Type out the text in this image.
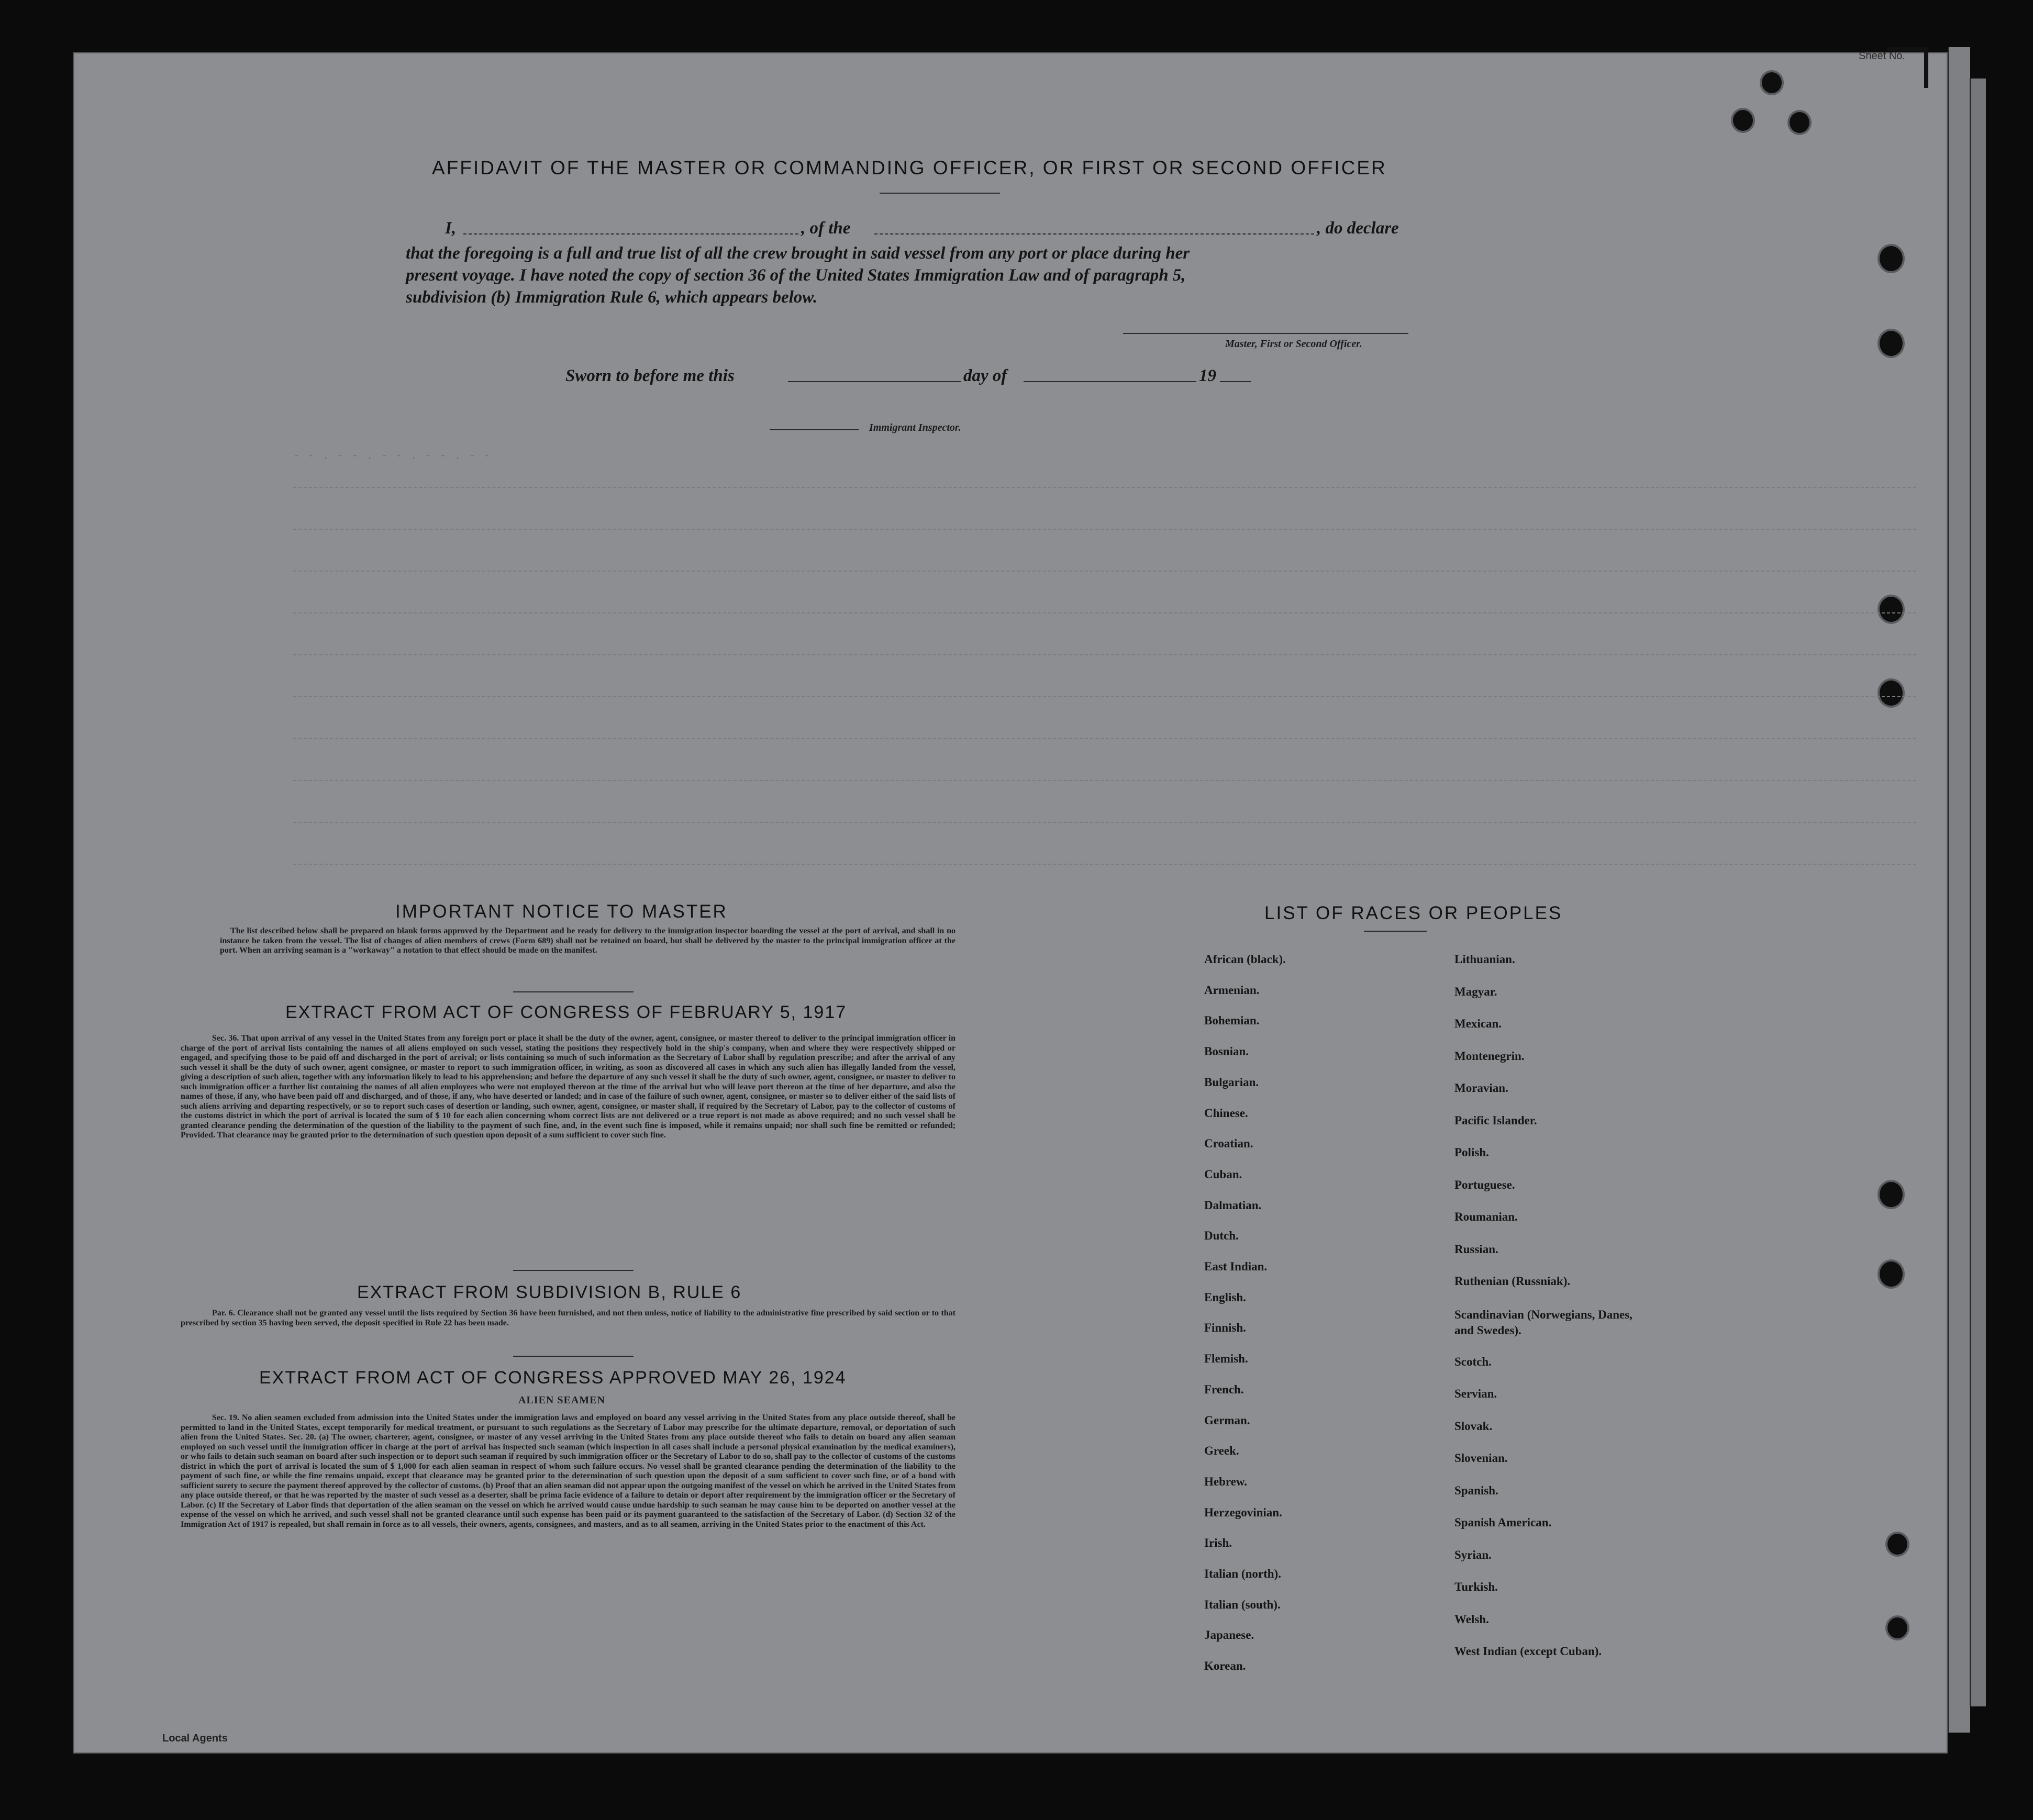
Sheet No.
Local Agents
- - . - - . - - . - - . - -
AFFIDAVIT OF THE MASTER OR COMMANDING OFFICER, OR FIRST OR SECOND OFFICER
I,	, of the	, do declare
that the foregoing is a full and true list of all the crew brought in said vessel from any port or place during her
present voyage. I have noted the copy of section 36 of the United States Immigration Law and of paragraph 5,
subdivision (b) Immigration Rule 6, which appears below.
Master, First or Second Officer.
Sworn to before me this	day of	19
Immigrant Inspector.
IMPORTANT NOTICE TO MASTER
The list described below shall be prepared on blank forms approved by the Department and be ready for delivery to the immigration inspector boarding the vessel at the port of arrival, and shall in no instance be taken from the vessel. The list of changes of alien members of crews (Form 689) shall not be retained on board, but shall be delivered by the master to the principal immigration officer at the port. When an arriving seaman is a "workaway" a notation to that effect should be made on the manifest.
EXTRACT FROM ACT OF CONGRESS OF FEBRUARY 5, 1917
Sec. 36. That upon arrival of any vessel in the United States from any foreign port or place it shall be the duty of the owner, agent, consignee, or master thereof to deliver to the principal immigration officer in charge of the port of arrival lists containing the names of all aliens employed on such vessel, stating the positions they respectively hold in the ship's company, when and where they were respectively shipped or engaged, and specifying those to be paid off and discharged in the port of arrival; or lists containing so much of such information as the Secretary of Labor shall by regulation prescribe; and after the arrival of any such vessel it shall be the duty of such owner, agent consignee, or master to report to such immigration officer, in writing, as soon as discovered all cases in which any such alien has illegally landed from the vessel, giving a description of such alien, together with any information likely to lead to his apprehension; and before the departure of any such vessel it shall be the duty of such owner, agent, consignee, or master to deliver to such immigration officer a further list containing the names of all alien employees who were not employed thereon at the time of the arrival but who will leave port thereon at the time of her departure, and also the names of those, if any, who have been paid off and discharged, and of those, if any, who have deserted or landed; and in case of the failure of such owner, agent, consignee, or master so to deliver either of the said lists of such aliens arriving and departing respectively, or so to report such cases of desertion or landing, such owner, agent, consignee, or master shall, if required by the Secretary of Labor, pay to the collector of customs of the customs district in which the port of arrival is located the sum of $ 10 for each alien concerning whom correct lists are not delivered or a true report is not made as above required; and no such vessel shall be granted clearance pending the determination of the question of the liability to the payment of such fine, and, in the event such fine is imposed, while it remains unpaid; nor shall such fine be remitted or refunded; Provided. That clearance may be granted prior to the determination of such question upon deposit of a sum sufficient to cover such fine.
EXTRACT FROM SUBDIVISION B, RULE 6
Par. 6. Clearance shall not be granted any vessel until the lists required by Section 36 have been furnished, and not then unless, notice of liability to the administrative fine prescribed by said section or to that prescribed by section 35 having been served, the deposit specified in Rule 22 has been made.
EXTRACT FROM ACT OF CONGRESS APPROVED MAY 26, 1924
ALIEN SEAMEN
Sec. 19. No alien seamen excluded from admission into the United States under the immigration laws and employed on board any vessel arriving in the United States from any place outside thereof, shall be permitted to land in the United States, except temporarily for medical treatment, or pursuant to such regulations as the Secretary of Labor may prescribe for the ultimate departure, removal, or deportation of such alien from the United States. Sec. 20. (a) The owner, charterer, agent, consignee, or master of any vessel arriving in the United States from any place outside thereof who fails to detain on board any alien seaman employed on such vessel until the immigration officer in charge at the port of arrival has inspected such seaman (which inspection in all cases shall include a personal physical examination by the medical examiners), or who fails to detain such seaman on board after such inspection or to deport such seaman if required by such immigration officer or the Secretary of Labor to do so, shall pay to the collector of customs of the customs district in which the port of arrival is located the sum of $ 1,000 for each alien seaman in respect of whom such failure occurs. No vessel shall be granted clearance pending the determination of the liability to the payment of such fine, or while the fine remains unpaid, except that clearance may be granted prior to the determination of such question upon the deposit of a sum sufficient to cover such fine, or of a bond with sufficient surety to secure the payment thereof approved by the collector of customs. (b) Proof that an alien seaman did not appear upon the outgoing manifest of the vessel on which he arrived in the United States from any place outside thereof, or that he was reported by the master of such vessel as a deserter, shall be prima facie evidence of a failure to detain or deport after requirement by the immigration officer or the Secretary of Labor. (c) If the Secretary of Labor finds that deportation of the alien seaman on the vessel on which he arrived would cause undue hardship to such seaman he may cause him to be deported on another vessel at the expense of the vessel on which he arrived, and such vessel shall not be granted clearance until such expense has been paid or its payment guaranteed to the satisfaction of the Secretary of Labor. (d) Section 32 of the Immigration Act of 1917 is repealed, but shall remain in force as to all vessels, their owners, agents, consignees, and masters, and as to all seamen, arriving in the United States prior to the enactment of this Act.
LIST OF RACES OR PEOPLES
African (black).
Armenian.
Bohemian.
Bosnian.
Bulgarian.
Chinese.
Croatian.
Cuban.
Dalmatian.
Dutch.
East Indian.
English.
Finnish.
Flemish.
French.
German.
Greek.
Hebrew.
Herzegovinian.
Irish.
Italian (north).
Italian (south).
Japanese.
Korean.
Lithuanian.
Magyar.
Mexican.
Montenegrin.
Moravian.
Pacific Islander.
Polish.
Portuguese.
Roumanian.
Russian.
Ruthenian (Russniak).
Scandinavian (Norwegians, Danes, and Swedes).
Scotch.
Servian.
Slovak.
Slovenian.
Spanish.
Spanish American.
Syrian.
Turkish.
Welsh.
West Indian (except Cuban).
